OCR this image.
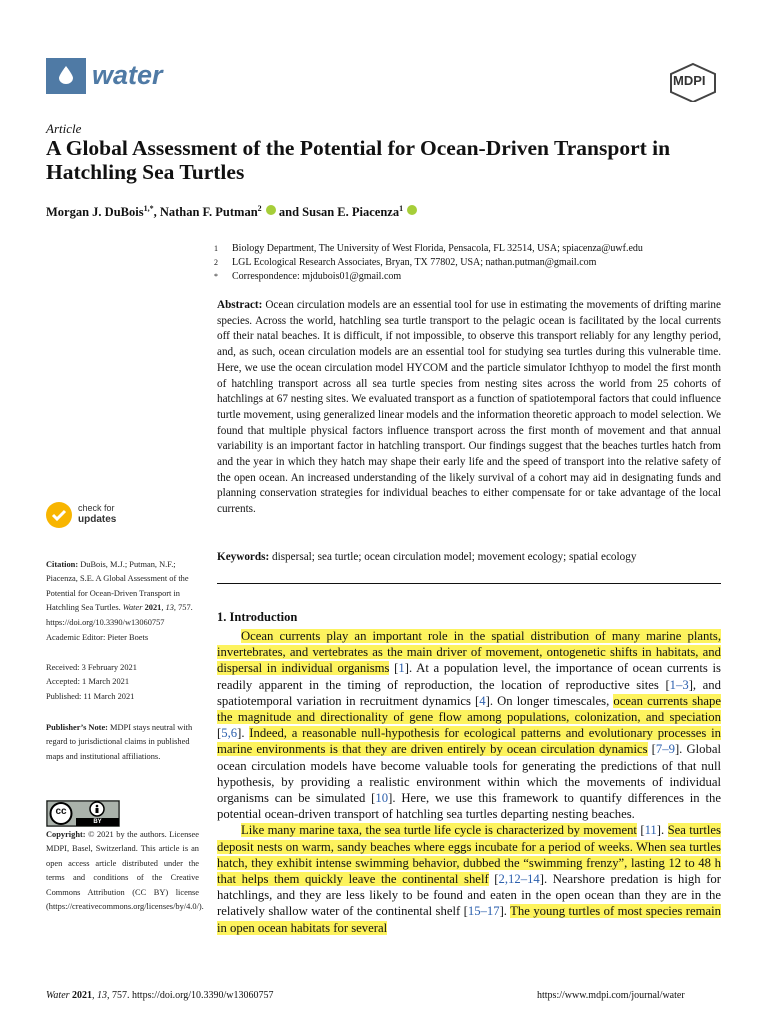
water	MDPI
Article
A Global Assessment of the Potential for Ocean-Driven Transport in Hatchling Sea Turtles
Morgan J. DuBois$^{1,*}$, Nathan F. Putman$^2$  and Susan E. Piacenza$^1$
1 Biology Department, The University of West Florida, Pensacola, FL 32514, USA; spiacenza@uwf.edu
2 LGL Ecological Research Associates, Bryan, TX 77802, USA; nathan.putman@gmail.com
* Correspondence: mjdubois01@gmail.com
Abstract: Ocean circulation models are an essential tool for use in estimating the movements of drifting marine species. Across the world, hatchling sea turtle transport to the pelagic ocean is facilitated by the local currents off their natal beaches. It is difficult, if not impossible, to observe this transport reliably for any lengthy period, and, as such, ocean circulation models are an essential tool for studying sea turtles during this vulnerable time. Here, we use the ocean circulation model HYCOM and the particle simulator Ichthyop to model the first month of hatchling transport across all sea turtle species from nesting sites across the world from 25 cohorts of hatchlings at 67 nesting sites. We evaluated transport as a function of spatiotemporal factors that could influence turtle movement, using generalized linear models and the information theoretic approach to model selection. We found that multiple physical factors influence transport across the first month of movement and that annual variability is an important factor in hatchling transport. Our findings suggest that the beaches turtles hatch from and the year in which they hatch may shape their early life and the speed of transport into the relative safety of the open ocean. An increased understanding of the likely survival of a cohort may aid in designating funds and planning conservation strategies for individual beaches to either compensate for or take advantage of the local currents.
Keywords: dispersal; sea turtle; ocean circulation model; movement ecology; spatial ecology
check for
updates
Citation: DuBois, M.J.; Putman, N.F.; Piacenza, S.E. A Global Assessment of the Potential for Ocean-Driven Transport in Hatchling Sea Turtles. Water 2021, 13, 757. https://doi.org/10.3390/w13060757
Academic Editor: Pieter Boets
Received: 3 February 2021
Accepted: 1 March 2021
Published: 11 March 2021
Publisher’s Note: MDPI stays neutral with regard to jurisdictional claims in published maps and institutional affiliations.
cc
BY
Copyright: © 2021 by the authors. Licensee MDPI, Basel, Switzerland. This article is an open access article distributed under the terms and conditions of the Creative Commons Attribution (CC BY) license (https://creativecommons.org/licenses/by/4.0/).
1. Introduction

Ocean currents play an important role in the spatial distribution of many marine plants, invertebrates, and vertebrates as the main driver of movement, ontogenetic shifts in habitats, and dispersal in individual organisms [1]. At a population level, the importance of ocean currents is readily apparent in the timing of reproduction, the location of reproductive sites [1–3], and spatiotemporal variation in recruitment dynamics [4]. On longer timescales, ocean currents shape the magnitude and directionality of gene flow among populations, colonization, and speciation [5,6]. Indeed, a reasonable null-hypothesis for ecological patterns and evolutionary processes in marine environments is that they are driven entirely by ocean circulation dynamics [7–9]. Global ocean circulation models have become valuable tools for generating the predictions of that null hypothesis, by providing a realistic environment within which the movements of individual organisms can be simulated [10]. Here, we use this framework to quantify differences in the potential ocean-driven transport of hatchling sea turtles departing nesting beaches.

Like many marine taxa, the sea turtle life cycle is characterized by movement [11]. Sea turtles deposit nests on warm, sandy beaches where eggs incubate for a period of weeks. When sea turtles hatch, they exhibit intense swimming behavior, dubbed the “swimming frenzy”, lasting 12 to 48 h that helps them quickly leave the continental shelf [2,12–14]. Nearshore predation is high for hatchlings, and they are less likely to be found and eaten in the open ocean than they are in the relatively shallow water of the continental shelf [15–17]. The young turtles of most species remain in open ocean habitats for several

Water 2021, 13, 757. https://doi.org/10.3390/w13060757	https://www.mdpi.com/journal/water
